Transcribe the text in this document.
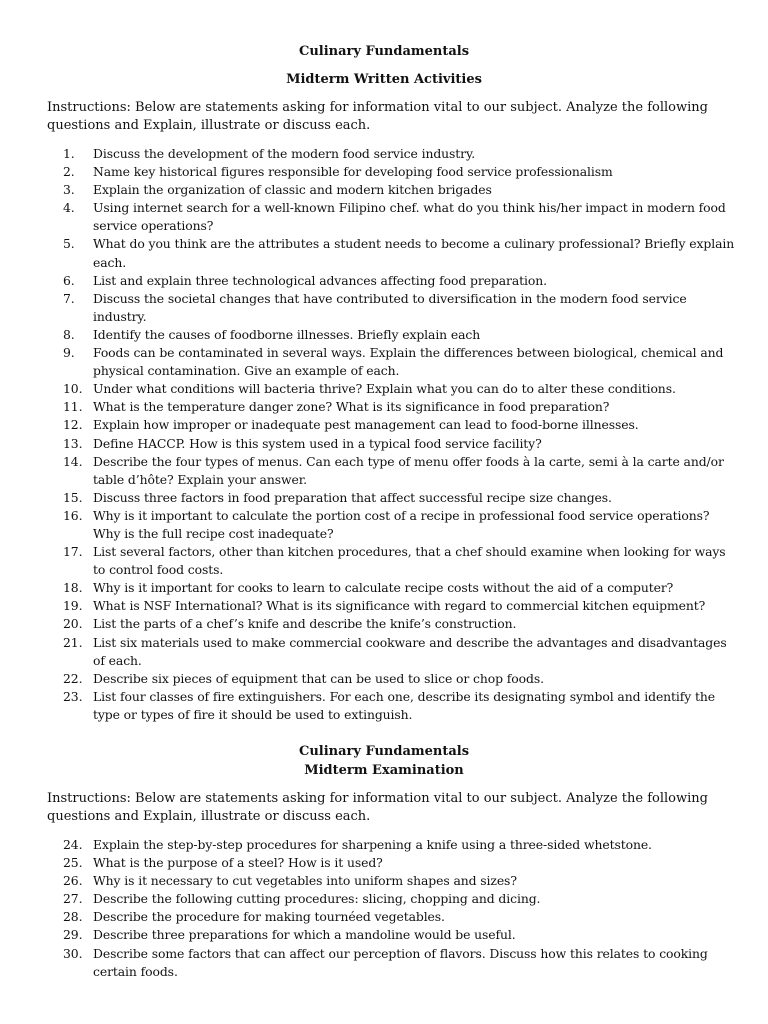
Culinary Fundamentals
Midterm Written Activities
Instructions: Below are statements asking for information vital to our subject. Analyze the following questions and Explain, illustrate or discuss each.
1.	Discuss the development of the modern food service industry.
2.	Name key historical figures responsible for developing food service professionalism
3.	Explain the organization of classic and modern kitchen brigades
4.	Using internet search for a well-known Filipino chef. what do you think his/her impact in modern food service operations?
5.	What do you think are the attributes a student needs to become a culinary professional? Briefly explain each.
6.	List and explain three technological advances affecting food preparation.
7.	Discuss the societal changes that have contributed to diversification in the modern food service industry.
8.	Identify the causes of foodborne illnesses. Briefly explain each
9.	Foods can be contaminated in several ways. Explain the differences between biological, chemical and physical contamination. Give an example of each.
10. Under what conditions will bacteria thrive? Explain what you can do to alter these conditions.
11. What is the temperature danger zone? What is its significance in food preparation?
12. Explain how improper or inadequate pest management can lead to food-borne illnesses.
13. Define HACCP. How is this system used in a typical food service facility?
14. Describe the four types of menus. Can each type of menu offer foods à la carte, semi à la carte and/or table d’hôte? Explain your answer.
15. Discuss three factors in food preparation that affect successful recipe size changes.
16. Why is it important to calculate the portion cost of a recipe in professional food service operations? Why is the full recipe cost inadequate?
17. List several factors, other than kitchen procedures, that a chef should examine when looking for ways to control food costs.
18. Why is it important for cooks to learn to calculate recipe costs without the aid of a computer?
19. What is NSF International? What is its significance with regard to commercial kitchen equipment?
20. List the parts of a chef’s knife and describe the knife’s construction.
21. List six materials used to make commercial cookware and describe the advantages and disadvantages of each.
22. Describe six pieces of equipment that can be used to slice or chop foods.
23. List four classes of fire extinguishers. For each one, describe its designating symbol and identify the type or types of fire it should be used to extinguish.
Culinary Fundamentals
Midterm Examination
Instructions: Below are statements asking for information vital to our subject. Analyze the following questions and Explain, illustrate or discuss each.
24. Explain the step-by-step procedures for sharpening a knife using a three-sided whetstone.
25. What is the purpose of a steel? How is it used?
26. Why is it necessary to cut vegetables into uniform shapes and sizes?
27. Describe the following cutting procedures: slicing, chopping and dicing.
28. Describe the procedure for making tournéed vegetables.
29. Describe three preparations for which a mandoline would be useful.
30. Describe some factors that can affect our perception of flavors. Discuss how this relates to cooking certain foods.
